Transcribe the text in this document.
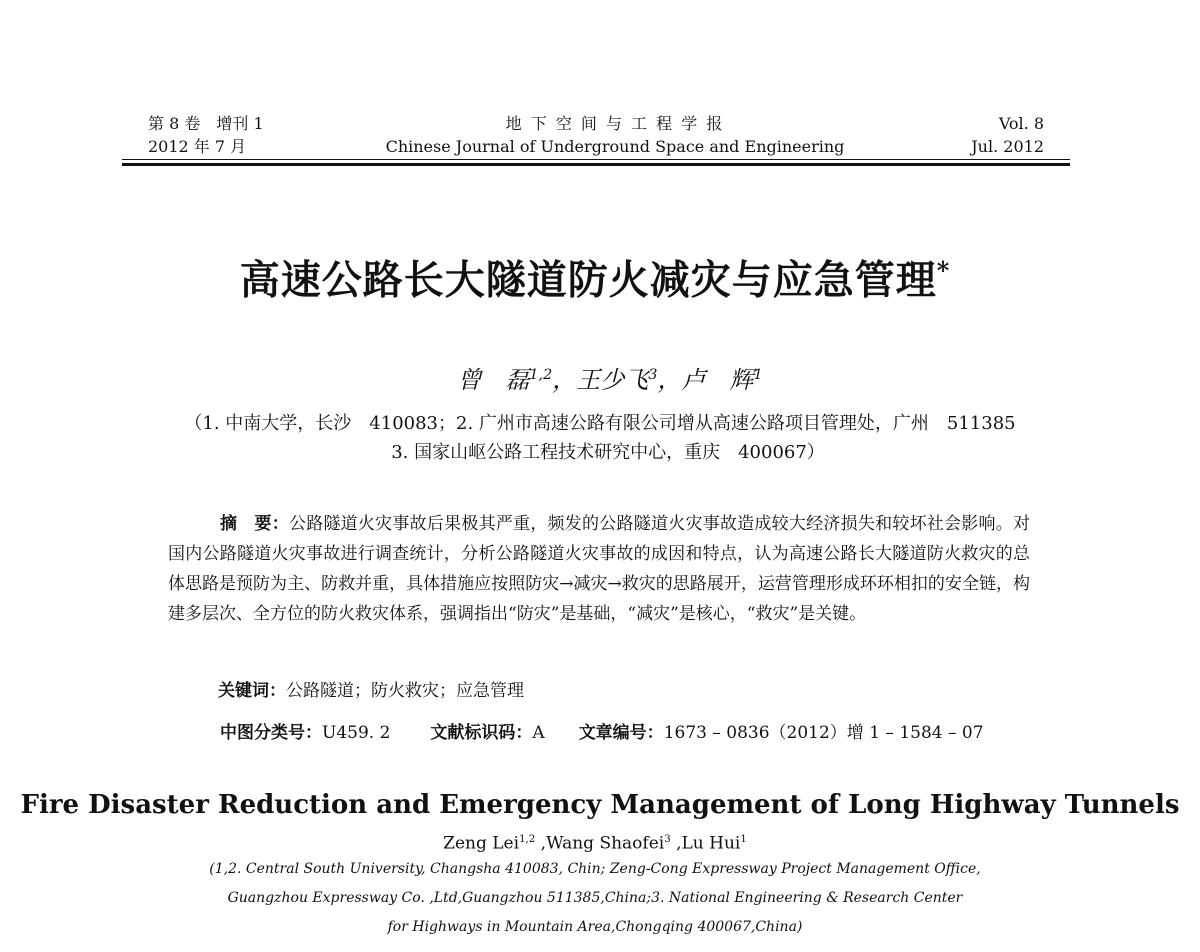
第 8 卷　增刊 1
2012 年 7 月
地 下 空 间 与 工 程 学 报
Chinese Journal of Underground Space and Engineering
Vol. 8
Jul. 2012
高速公路长大隧道防火减灾与应急管理*
曾　磊$^{1,2}$，王少飞$^3$，卢　辉$^1$
（1. 中南大学，长沙　410083；2. 广州市高速公路有限公司增从高速公路项目管理处，广州　511385
3. 国家山岖公路工程技术研究中心，重庆　400067）

摘　要：公路隧道火灾事故后果极其严重，频发的公路隧道火灾事故造成较大经济损失和较坏社会影响。对国内公路隧道火灾事故进行调查统计，分析公路隧道火灾事故的成因和特点，认为高速公路长大隧道防火救灾的总体思路是预防为主、防救并重，具体措施应按照防灾→减灾→救灾的思路展开，运营管理形成环环相扣的安全链，构建多层次、全方位的防火救灾体系，强调指出“防灾”是基础，“减灾”是核心，“救灾”是关键。

关键词：公路隧道；防火救灾；应急管理
中图分类号：U459. 2 文献标识码：A 文章编号：1673 – 0836（2012）增 1 – 1584 – 07
Fire Disaster Reduction and Emergency Management of Long Highway Tunnels
Zeng Lei$^{1,2}$ ,Wang Shaofei$^3$ ,Lu Hui$^1$
(1,2. Central South University, Changsha 410083, Chin; Zeng-Cong Expressway Project Management Office,
Guangzhou Expressway Co. ,Ltd,Guangzhou 511385,China;3. National Engineering & Research Center
for Highways in Mountain Area,Chongqing 400067,China)
